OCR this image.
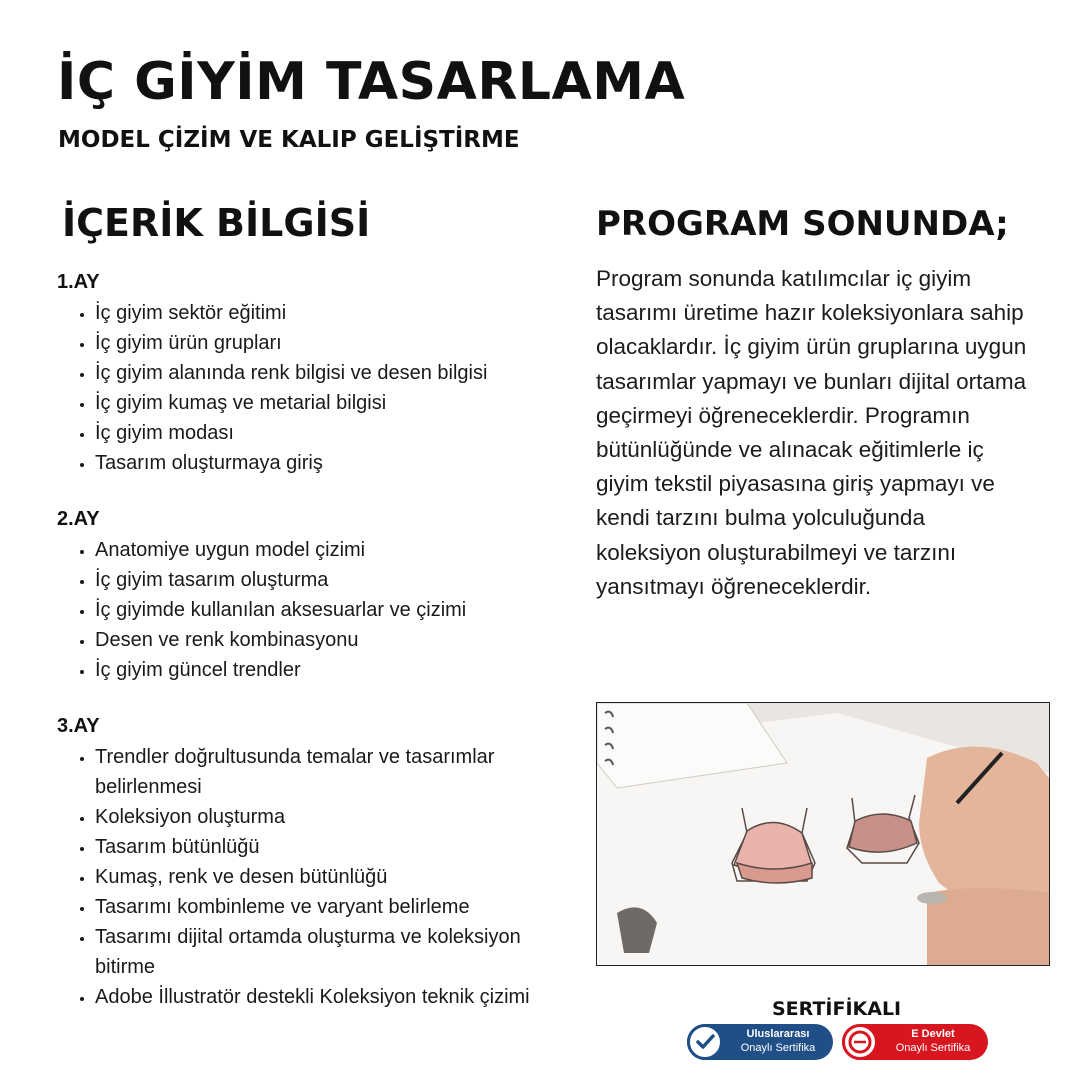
İÇ GİYİM TASARLAMA
MODEL ÇİZİM VE KALIP GELİŞTİRME
İÇERİK BİLGİSİ	PROGRAM SONUNDA;

1.AY

• İç giyim sektör eğitimi
• İç giyim ürün grupları
• İç giyim alanında renk bilgisi ve desen bilgisi
• İç giyim kumaş ve metarial bilgisi
• İç giyim modası
• Tasarım oluşturmaya giriş

2.AY

• Anatomiye uygun model çizimi
• İç giyim tasarım oluşturma
• İç giyimde kullanılan aksesuarlar ve çizimi
• Desen ve renk kombinasyonu
• İç giyim güncel trendler

3.AY

• Trendler doğrultusunda temalar ve tasarımlar belirlenmesi
• Koleksiyon oluşturma
• Tasarım bütünlüğü
• Kumaş, renk ve desen bütünlüğü
• Tasarımı kombinleme ve varyant belirleme
• Tasarımı dijital ortamda oluşturma ve koleksiyon bitirme
• Adobe İllustratör destekli Koleksiyon teknik çizimi

Program sonunda katılımcılar iç giyim tasarımı üretime hazır koleksiyonlara sahip olacaklardır. İç giyim ürün gruplarına uygun tasarımlar yapmayı ve bunları dijital ortama geçirmeyi öğreneceklerdir. Programın bütünlüğünde ve alınacak eğitimlerle iç giyim tekstil piyasasına giriş yapmayı ve kendi tarzını bulma yolculuğunda koleksiyon oluşturabilmeyi ve tarzını yansıtmayı öğreneceklerdir.

SERTİFİKALI

Uluslararası
Onaylı Sertifika
E Devlet
Onaylı Sertifika
